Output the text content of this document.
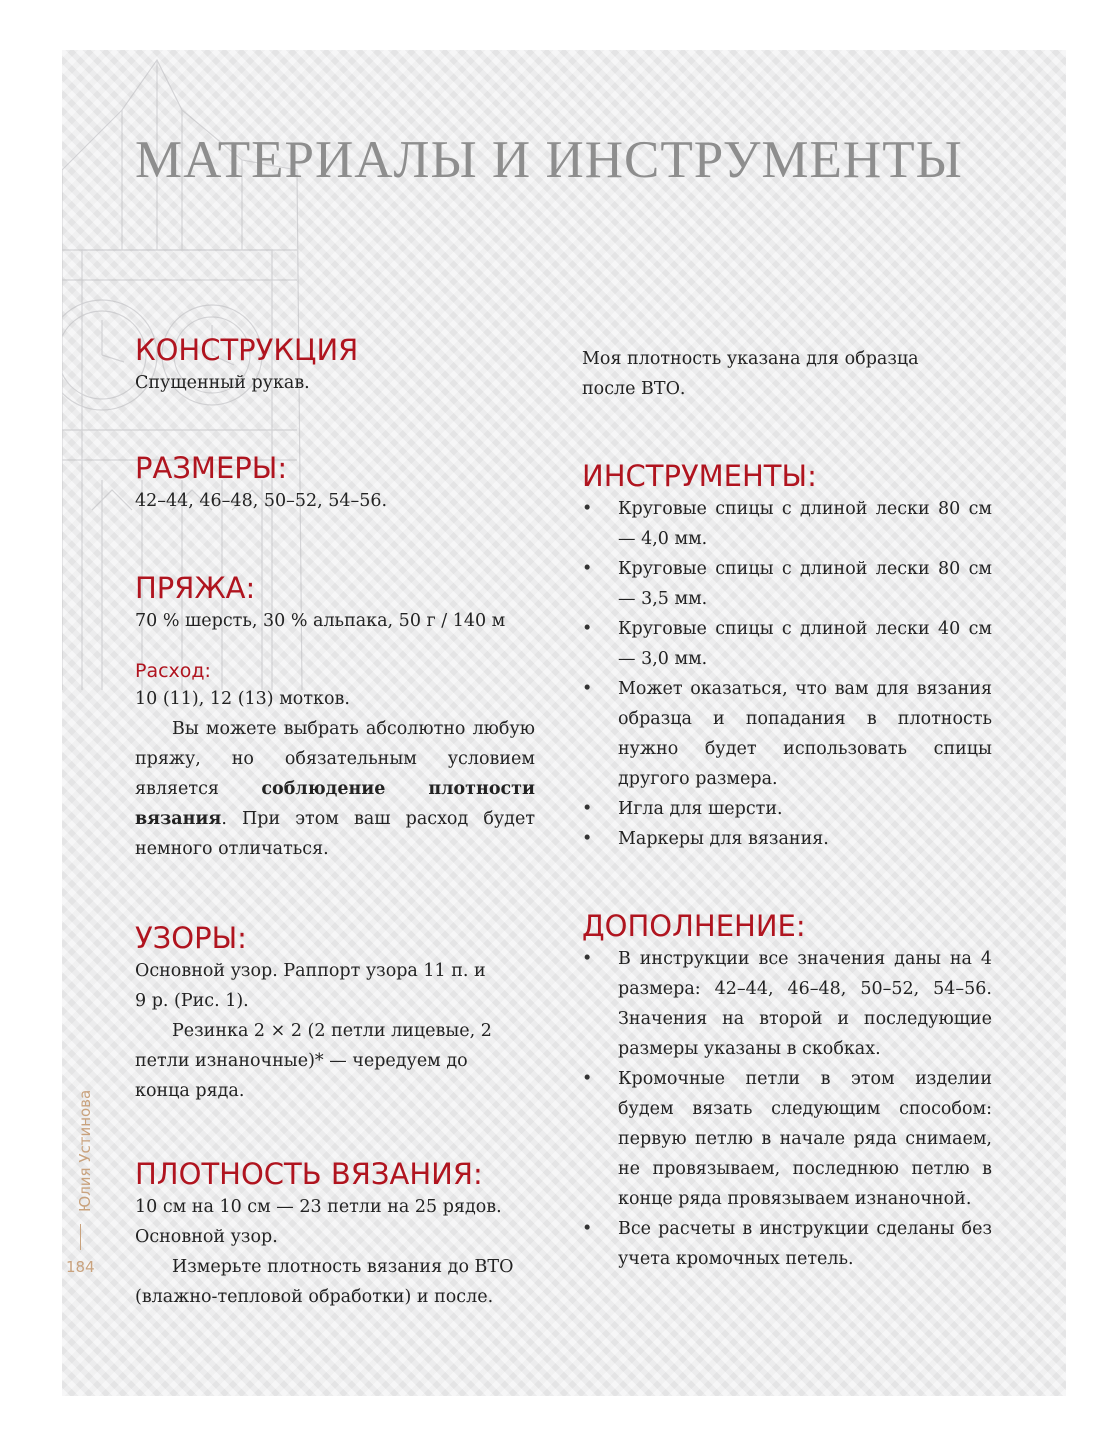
МАТЕРИАЛЫ И ИНСТРУМЕНТЫ
КОНСТРУКЦИЯ

Спущенный рукав.

РАЗМЕРЫ:

42–44, 46–48, 50–52, 54–56.

ПРЯЖА:

70 % шерсть, 30 % альпака, 50 г / 140 м

Расход:

10 (11), 12 (13) мотков.

Вы можете выбрать абсолютно любую пряжу, но обязательным условием является соблюдение плотности вязания. При этом ваш расход будет немного отличаться.

УЗОРЫ:

Основной узор. Раппорт узора 11 п. и 9 р. (Рис. 1).

Резинка 2 × 2 (2 петли лицевые, 2 петли изнаночные)* — чередуем до конца ряда.

ПЛОТНОСТЬ ВЯЗАНИЯ:

10 см на 10 см — 23 петли на 25 рядов. Основной узор.

Измерьте плотность вязания до ВТО (влажно-тепловой обработки) и после.

Моя плотность указана для образца после ВТО.

ИНСТРУМЕНТЫ:
• Круговые спицы с длиной лески 80 см — 4,0 мм.
• Круговые спицы с длиной лески 80 см — 3,5 мм.
• Круговые спицы с длиной лески 40 см — 3,0 мм.
• Может оказаться, что вам для вязания образца и попадания в плотность нужно будет использовать спицы другого размера.
• Игла для шерсти.
• Маркеры для вязания.
ДОПОЛНЕНИЕ:
• В инструкции все значения даны на 4 размера: 42–44, 46–48, 50–52, 54–56. Значения на второй и последующие размеры указаны в скобках.
• Кромочные петли в этом изделии будем вязать следующим способом: первую петлю в начале ряда снимаем, не провязываем, последнюю петлю в конце ряда провязываем изнаночной.
• Все расчеты в инструкции сделаны без учета кромочных петель.
Юлия Устинова
184
